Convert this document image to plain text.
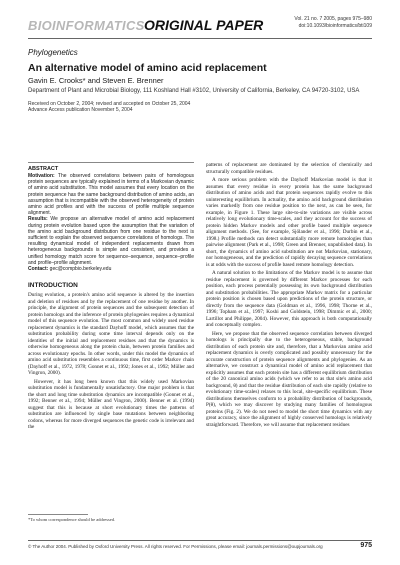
BIOINFORMATICS ORIGINAL PAPER	Vol. 21 no. 7 2005, pages 975–980
doi:10.1093/bioinformatics/bti109
Phylogenetics
An alternative model of amino acid replacement
Gavin E. Crooks* and Steven E. Brenner
Department of Plant and Microbial Biology, 111 Koshland Hall #3102, University of California, Berkeley, CA 94720-3102, USA
Received on October 2, 2004; revised and accepted on October 25, 2004
Advance Access publication November 5, 2004
ABSTRACT

Motivation: The observed correlations between pairs of homologous protein sequences are typically explained in terms of a Markovian dynamic of amino acid substitution. This model assumes that every location on the protein sequence has the same background distribution of amino acids, an assumption that is incompatible with the observed heterogeneity of protein amino acid profiles and with the success of profile multiple sequence alignment.

Results: We propose an alternative model of amino acid replacement during protein evolution based upon the assumption that the variation of the amino acid background distribution from one residue to the next is sufficient to explain the observed sequence correlations of homologs. The resulting dynamical model of independent replacements drawn from heterogeneous backgrounds is simple and consistent, and provides a unified homology match score for sequence–sequence, sequence–profile and profile–profile alignment.

Contact: gec@compbio.berkeley.edu

INTRODUCTION

During evolution, a protein's amino acid sequence is altered by the insertion and deletion of residues and by the replacement of one residue by another. In principle, the alignment of protein sequences and the subsequent detection of protein homologs and the inference of protein phylogenies requires a dynamical model of this sequence evolution. The most common and widely used residue replacement dynamics is the standard Dayhoff model, which assumes that the substitution probability during some time interval depends only on the identities of the initial and replacement residues and that the dynamics is otherwise homogeneous along the protein chain, between protein families and across evolutionary epochs. In other words, under this model the dynamics of amino acid substitution resembles a continuous time, first order Markov chain (Dayhoff et al., 1972, 1978; Gonnet et al., 1992; Jones et al., 1992; Müller and Vingron, 2000).

However, it has long been known that this widely used Markovian substitution model is fundamentally unsatisfactory. One major problem is that the short and long time substitution dynamics are incompatible (Gonnet et al., 1992; Benner et al., 1994; Müller and Vingron, 2000). Benner et al. (1994) suggest that this is because at short evolutionary times the patterns of substitution are influenced by single base mutations between neighboring codons, whereas for more diverged sequences the genetic code is irrelevant and the

*To whom correspondence should be addressed.

patterns of replacement are dominated by the selection of chemically and structurally compatible residues.

A more serious problem with the Dayhoff Markovian model is that it assumes that every residue in every protein has the same background distribution of amino acids and that protein sequences rapidly evolve to this uninteresting equilibrium. In actuality, the amino acid background distribution varies markedly from one residue position to the next, as can be seen, for example, in Figure 1. These large site-to-site variations are visible across relatively long evolutionary time-scales, and they account for the success of protein hidden Markov models and other profile based multiple sequence alignment methods. (See, for example, Sjölander et al., 1996; Durbin et al., 1998.) Profile methods can detect substantially more remote homologies than pairwise alignment (Park et al., 1998; Green and Brenner, unpublished data). In short, the dynamics of amino acid substitution are not Markovian, stationary, nor homogeneous, and the prediction of rapidly decaying sequence correlations is at odds with the success of profile based remote homology detection.

A natural solution to the limitations of the Markov model is to assume that residue replacement is governed by different Markov processes for each position, each process potentially possessing its own background distribution and substitution probabilities. The appropriate Markov matrix for a particular protein position is chosen based upon predictions of the protein structure, or directly from the sequence data (Goldman et al., 1996, 1998; Thorne et al., 1996; Topham et al., 1997; Koshi and Goldstein, 1998; Dimmic et al., 2000; Lartillot and Philippe, 2004). However, this approach is both computationally and conceptually complex.

Here, we propose that the observed sequence correlation between diverged homologs is principally due to the heterogeneous, stable, background distribution of each protein site and, therefore, that a Markovian amino acid replacement dynamics is overly complicated and possibly unnecessary for the accurate construction of protein sequence alignments and phylogenies. As an alternative, we construct a dynamical model of amino acid replacement that explicitly assumes that each protein site has a different equilibrium distribution of the 20 canonical amino acids (which we refer to as that site's amino acid background, θ) and that the residue distribution of each site rapidly (relative to evolutionary time-scales) relaxes to this local, site-specific equilibrium. These distributions themselves conform to a probability distribution of backgrounds, P(θ), which we may discover by studying many families of homologous proteins (Fig. 2). We do not need to model the short time dynamics with any great accuracy, since the alignment of highly conserved homologs is relatively straightforward. Therefore, we will assume that replacement residues

© The Author 2004. Published by Oxford University Press. All rights reserved. For Permissions, please email: journals.permissions@oupjournals.org	975
